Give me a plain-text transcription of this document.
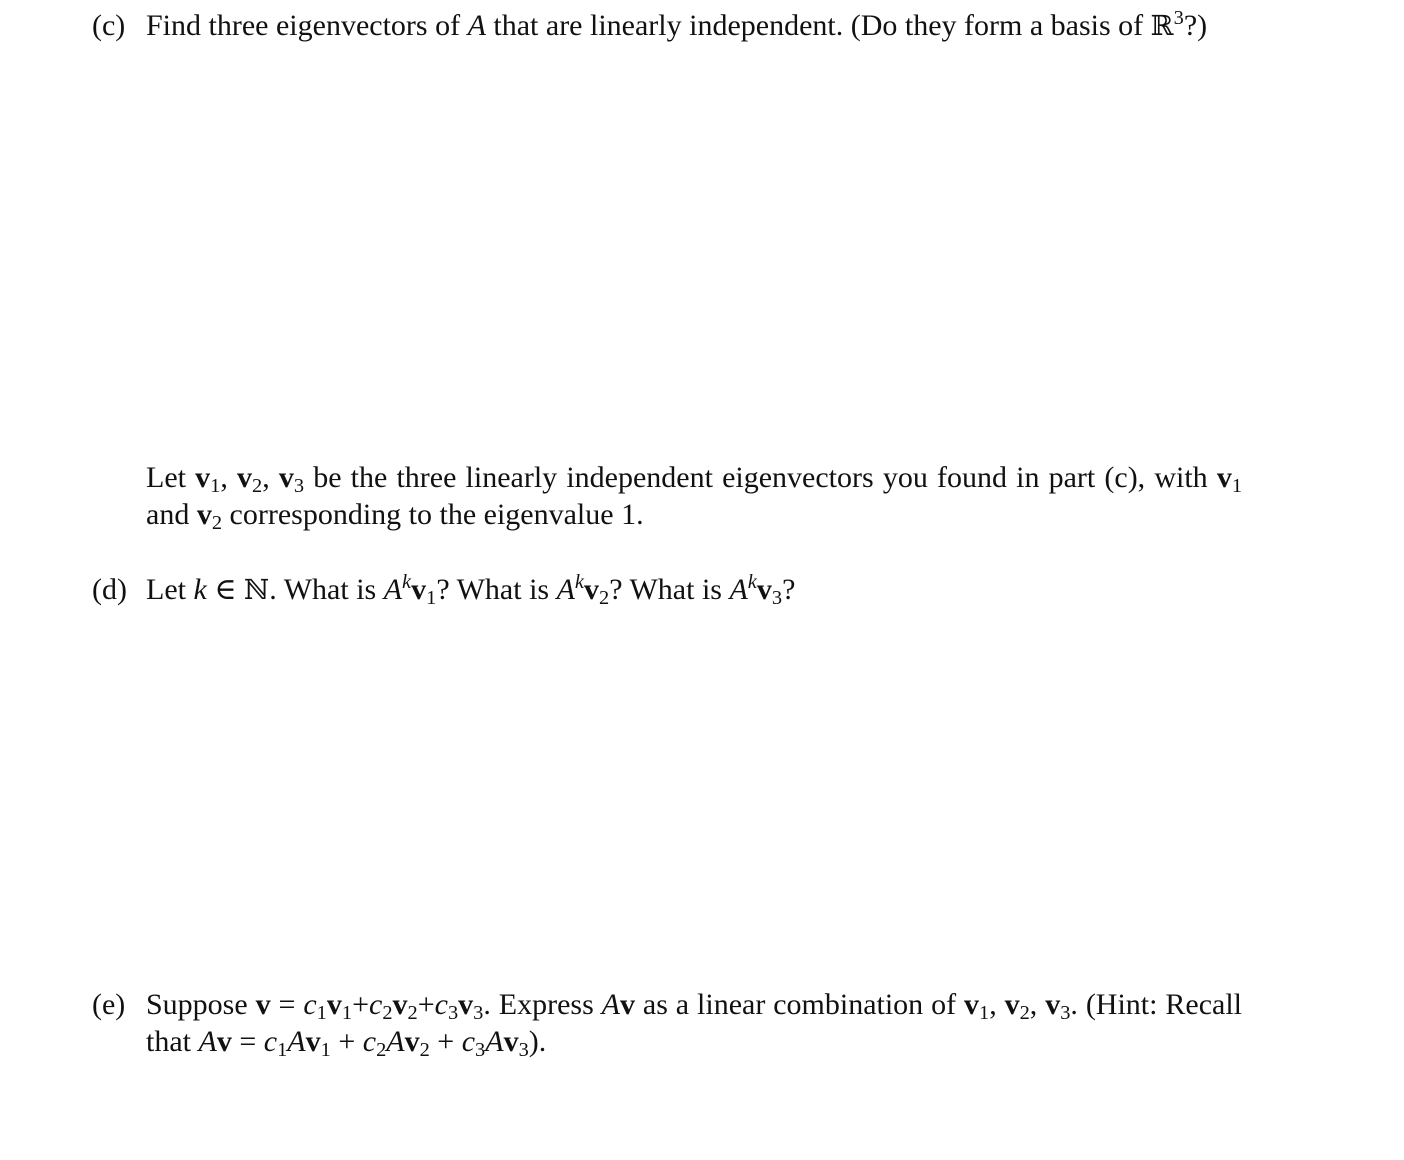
(c) Find three eigenvectors of A that are linearly independent. (Do they form a basis of ℝ$^3$?)
Let $v_1$, $v_2$, $v_3$ be the three linearly independent eigenvectors you found in part (c), with $v_1$ and $v_2$ corresponding to the eigenvalue 1.
(d) Let k ∈ ℕ. What is $A^kv_1$? What is $A^kv_2$? What is $A^kv_3$?
(e) Suppose $v = c_1v_1+c_2v_2+c_3v_3$. Express Av as a linear combination of $v_1$, $v_2$, $v_3$. (Hint: Recall that $Av = c_1Av_1 + c_2Av_2 + c_3Av_3$).
